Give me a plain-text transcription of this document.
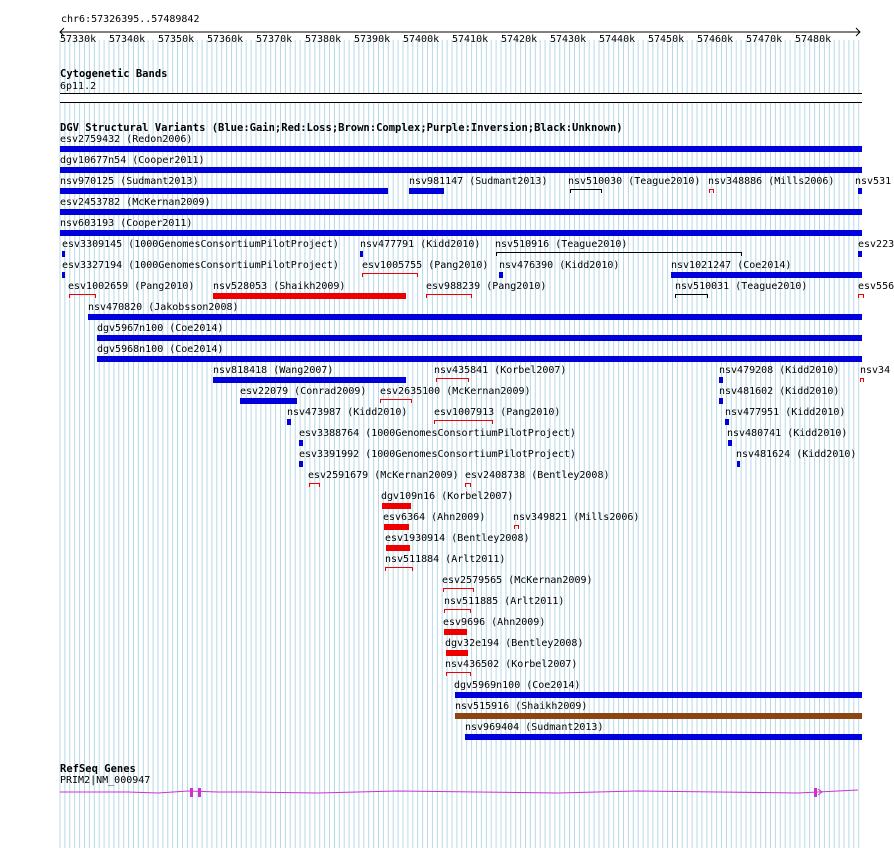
chr6:57326395..57489842
57330k 57340k 57350k 57360k 57370k 57380k 57390k 57400k 57410k 57420k 57430k 57440k 57450k 57460k 57470k 57480k
Cytogenetic Bands
6p11.2
DGV Structural Variants (Blue:Gain;Red:Loss;Brown:Complex;Purple:Inversion;Black:Unknown)
esv2759432 (Redon2006)
dgv10677n54 (Cooper2011)
nsv970125 (Sudmant2013)	nsv981147 (Sudmant2013) nsv510030 (Teague2010) nsv348886 (Mills2006) nsv531
esv2453782 (McKernan2009)
nsv603193 (Cooper2011)
esv3309145 (1000GenomesConsortiumPilotProject) nsv477791 (Kidd2010) nsv510916 (Teague2010)	esv223
esv3327194 (1000GenomesConsortiumPilotProject) esv1005755 (Pang2010) nsv476390 (Kidd2010)	nsv1021247 (Coe2014)
esv1002659 (Pang2010) nsv528053 (Shaikh2009)	esv988239 (Pang2010)	nsv510031 (Teague2010)	esv556
nsv470820 (Jakobsson2008)
dgv5967n100 (Coe2014)
dgv5968n100 (Coe2014)
nsv818418 (Wang2007)	nsv435841 (Korbel2007)	nsv479208 (Kidd2010) nsv34
esv22079 (Conrad2009) esv2635100 (McKernan2009)	nsv481602 (Kidd2010)
nsv473987 (Kidd2010)	esv1007913 (Pang2010)	nsv477951 (Kidd2010)
esv3388764 (1000GenomesConsortiumPilotProject)	nsv480741 (Kidd2010)
esv3391992 (1000GenomesConsortiumPilotProject)	nsv481624 (Kidd2010)
esv2591679 (McKernan2009) esv2408738 (Bentley2008)
dgv109n16 (Korbel2007)
esv6364 (Ahn2009)	nsv349821 (Mills2006)
esv1930914 (Bentley2008)
nsv511884 (Arlt2011)
esv2579565 (McKernan2009)
nsv511885 (Arlt2011)
esv9696 (Ahn2009)
dgv32e194 (Bentley2008)
nsv436502 (Korbel2007)
dgv5969n100 (Coe2014)
nsv515916 (Shaikh2009)
nsv969404 (Sudmant2013)
RefSeq Genes
PRIM2|NM_000947
